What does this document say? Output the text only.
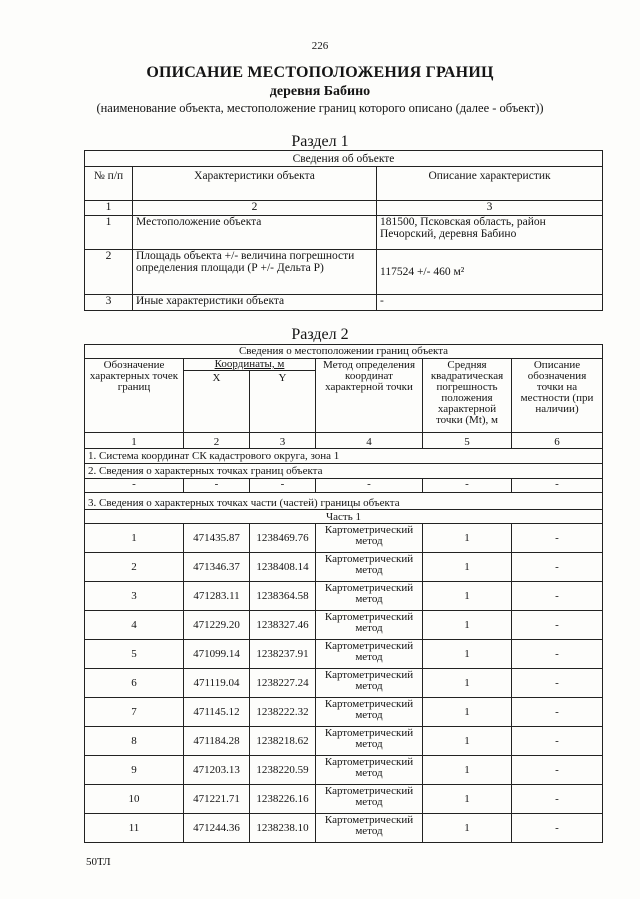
226
ОПИСАНИЕ МЕСТОПОЛОЖЕНИЯ ГРАНИЦ
деревня Бабино
(наименование объекта, местоположение границ которого описано (далее - объект))
Раздел 1
Сведения об объекте		
№ п/п	Характеристики объекта	Описание характеристик
1	2	3
1	Местоположение объекта	181500, Псковская область, район Печорский, деревня Бабино
2	Площадь объекта +/- величина погрешности определения площади (Р +/- Дельта Р)	117524 +/- 460 м²
3	Иные характеристики объекта	-
Раздел 2
Сведения о местоположении границ объекта					
Обозначение характерных точек границ	Координаты, м		Метод определения координат характерной точки	Средняя квадратическая погрешность положения характерной точки (Mt), м	Описание обозначения точки на местности (при наличии)
	X	Y			
1	2	3	4	5	6
1. Система координат СК кадастрового округа, зона 1					
2. Сведения о характерных точках границ объекта					
-	-	-	-	-	-
3. Сведения о характерных точках части (частей) границы объекта					
Часть 1					
1	471435.87	1238469.76	Картометрический метод	1	-
2	471346.37	1238408.14	Картометрический метод	1	-
3	471283.11	1238364.58	Картометрический метод	1	-
4	471229.20	1238327.46	Картометрический метод	1	-
5	471099.14	1238237.91	Картометрический метод	1	-
6	471119.04	1238227.24	Картометрический метод	1	-
7	471145.12	1238222.32	Картометрический метод	1	-
8	471184.28	1238218.62	Картометрический метод	1	-
9	471203.13	1238220.59	Картометрический метод	1	-
10	471221.71	1238226.16	Картометрический метод	1	-
11	471244.36	1238238.10	Картометрический метод	1	-
50ТЛ
